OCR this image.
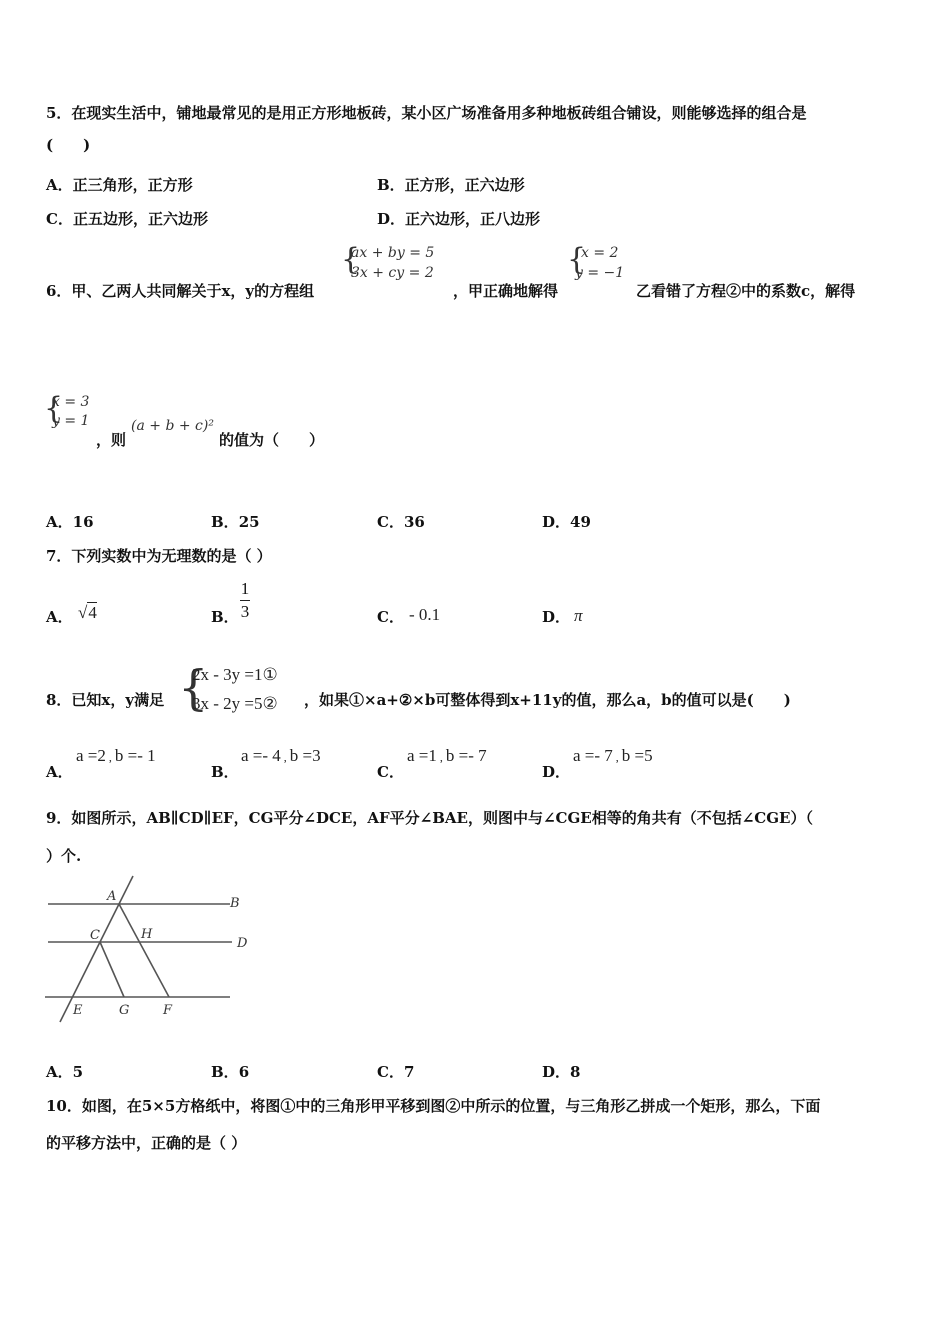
5．在现实生活中，铺地最常见的是用正方形地板砖，某小区广场准备用多种地板砖组合铺设，则能够选择的组合是
(　　)
A．正三角形，正方形	B．正方形，正六边形
C．正五边形，正六边形	D．正六边形，正八边形
6．甲、乙两人共同解关于x，y的方程组
{
ax + by = 5
3x + cy = 2
，甲正确地解得
{
x = 2
y = −1
乙看错了方程②中的系数c，解得
{
x = 3
y = 1
，则
(a + b + c)²
的值为（　　）
A．16	B．25	C．36	D．49
7．下列实数中为无理数的是（ ）
A． √4	B．
1
3	C． - 0.1	D． π
8．已知x，y满足 {
2x - 3y =1①
3x - 2y =5② ，如果①×a+②×b可整体得到x+11y的值，那么a，b的值可以是(　　)
A．
a =2 , b =- 1
B．
a =- 4 , b =3
C．
a =1 , b =- 7
D．
a =- 7 , b =5
9．如图所示，AB∥CD∥EF，CG平分∠DCE，AF平分∠BAE，则图中与∠CGE相等的角共有（不包括∠CGE）（
）个.
A	B
C	H
D
E	G	F
A．5	B．6	C．7	D．8
10．如图，在5×5方格纸中，将图①中的三角形甲平移到图②中所示的位置，与三角形乙拼成一个矩形，那么，下面
的平移方法中，正确的是（ ）
